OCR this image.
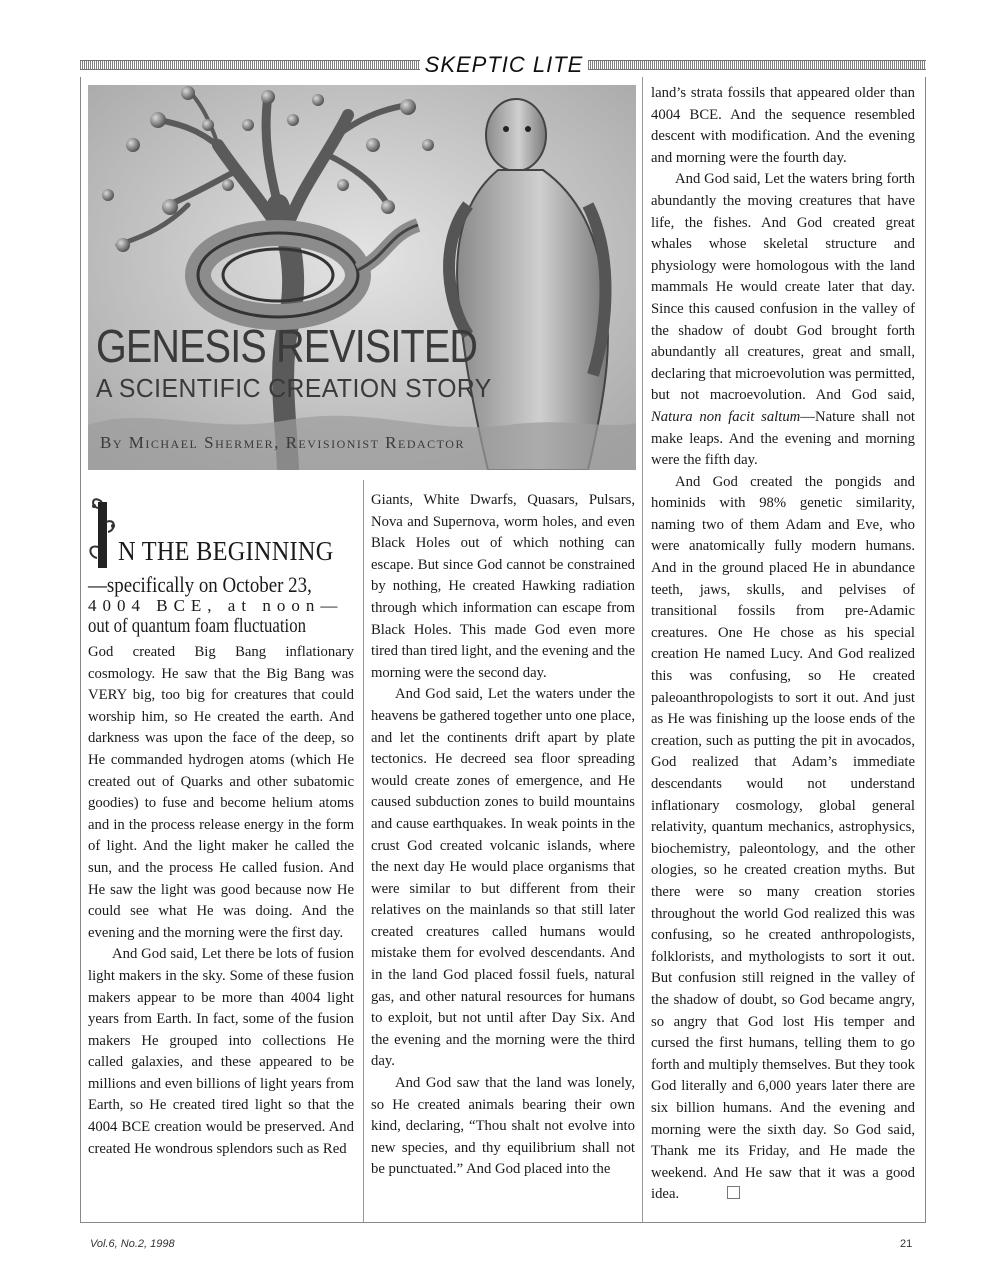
SKEPTIC LITE
GENESIS REVISITED
A SCIENTIFIC CREATION STORY
By Michael Shermer, Revisionist Redactor
N THE BEGINNING
—specifically on October 23,
4004 BCE, at noon—
out of quantum foam fluctuation

God created Big Bang inflationary cosmology. He saw that the Big Bang was VERY big, too big for creatures that could worship him, so He created the earth. And darkness was upon the face of the deep, so He commanded hydrogen atoms (which He created out of Quarks and other subatomic goodies) to fuse and become helium atoms and in the process release energy in the form of light. And the light maker he called the sun, and the process He called fusion. And He saw the light was good because now He could see what He was doing. And the evening and the morning were the first day.

And God said, Let there be lots of fusion light makers in the sky. Some of these fusion makers appear to be more than 4004 light years from Earth. In fact, some of the fusion makers He grouped into collections He called galaxies, and these appeared to be millions and even billions of light years from Earth, so He created tired light so that the 4004 BCE creation would be preserved. And created He wondrous splendors such as Red

Giants, White Dwarfs, Quasars, Pulsars, Nova and Supernova, worm holes, and even Black Holes out of which nothing can escape. But since God cannot be constrained by nothing, He created Hawking radiation through which information can escape from Black Holes. This made God even more tired than tired light, and the evening and the morning were the second day.

And God said, Let the waters under the heavens be gathered together unto one place, and let the continents drift apart by plate tectonics. He decreed sea floor spreading would create zones of emergence, and He caused subduction zones to build mountains and cause earthquakes. In weak points in the crust God created volcanic islands, where the next day He would place organisms that were similar to but different from their relatives on the mainlands so that still later created creatures called humans would mistake them for evolved descendants. And in the land God placed fossil fuels, natural gas, and other natural resources for humans to exploit, but not until after Day Six. And the evening and the morning were the third day.

And God saw that the land was lonely, so He created animals bearing their own kind, declaring, “Thou shalt not evolve into new species, and thy equilibrium shall not be punctuated.” And God placed into the

land’s strata fossils that appeared older than 4004 BCE. And the sequence resembled descent with modification. And the evening and morning were the fourth day.

And God said, Let the waters bring forth abundantly the moving creatures that have life, the fishes. And God created great whales whose skeletal structure and physiology were homologous with the land mammals He would create later that day. Since this caused confusion in the valley of the shadow of doubt God brought forth abundantly all creatures, great and small, declaring that microevolution was permitted, but not macroevolution. And God said, Natura non facit saltum—Nature shall not make leaps. And the evening and morning were the fifth day.

And God created the pongids and hominids with 98% genetic similarity, naming two of them Adam and Eve, who were anatomically fully modern humans. And in the ground placed He in abundance teeth, jaws, skulls, and pelvises of transitional fossils from pre-Adamic creatures. One He chose as his special creation He named Lucy. And God realized this was confusing, so He created paleoanthropologists to sort it out. And just as He was finishing up the loose ends of the creation, such as putting the pit in avocados, God realized that Adam’s immediate descendants would not understand inflationary cosmology, global general relativity, quantum mechanics, astrophysics, biochemistry, paleontology, and the other ologies, so he created creation myths. But there were so many creation stories throughout the world God realized this was confusing, so he created anthropologists, folklorists, and mythologists to sort it out. But confusion still reigned in the valley of the shadow of doubt, so God became angry, so angry that God lost His temper and cursed the first humans, telling them to go forth and multiply themselves. But they took God literally and 6,000 years later there are six billion humans. And the evening and morning were the sixth day. So God said, Thank me its Friday, and He made the weekend. And He saw that it was a good idea.

Vol.6, No.2, 1998	21
